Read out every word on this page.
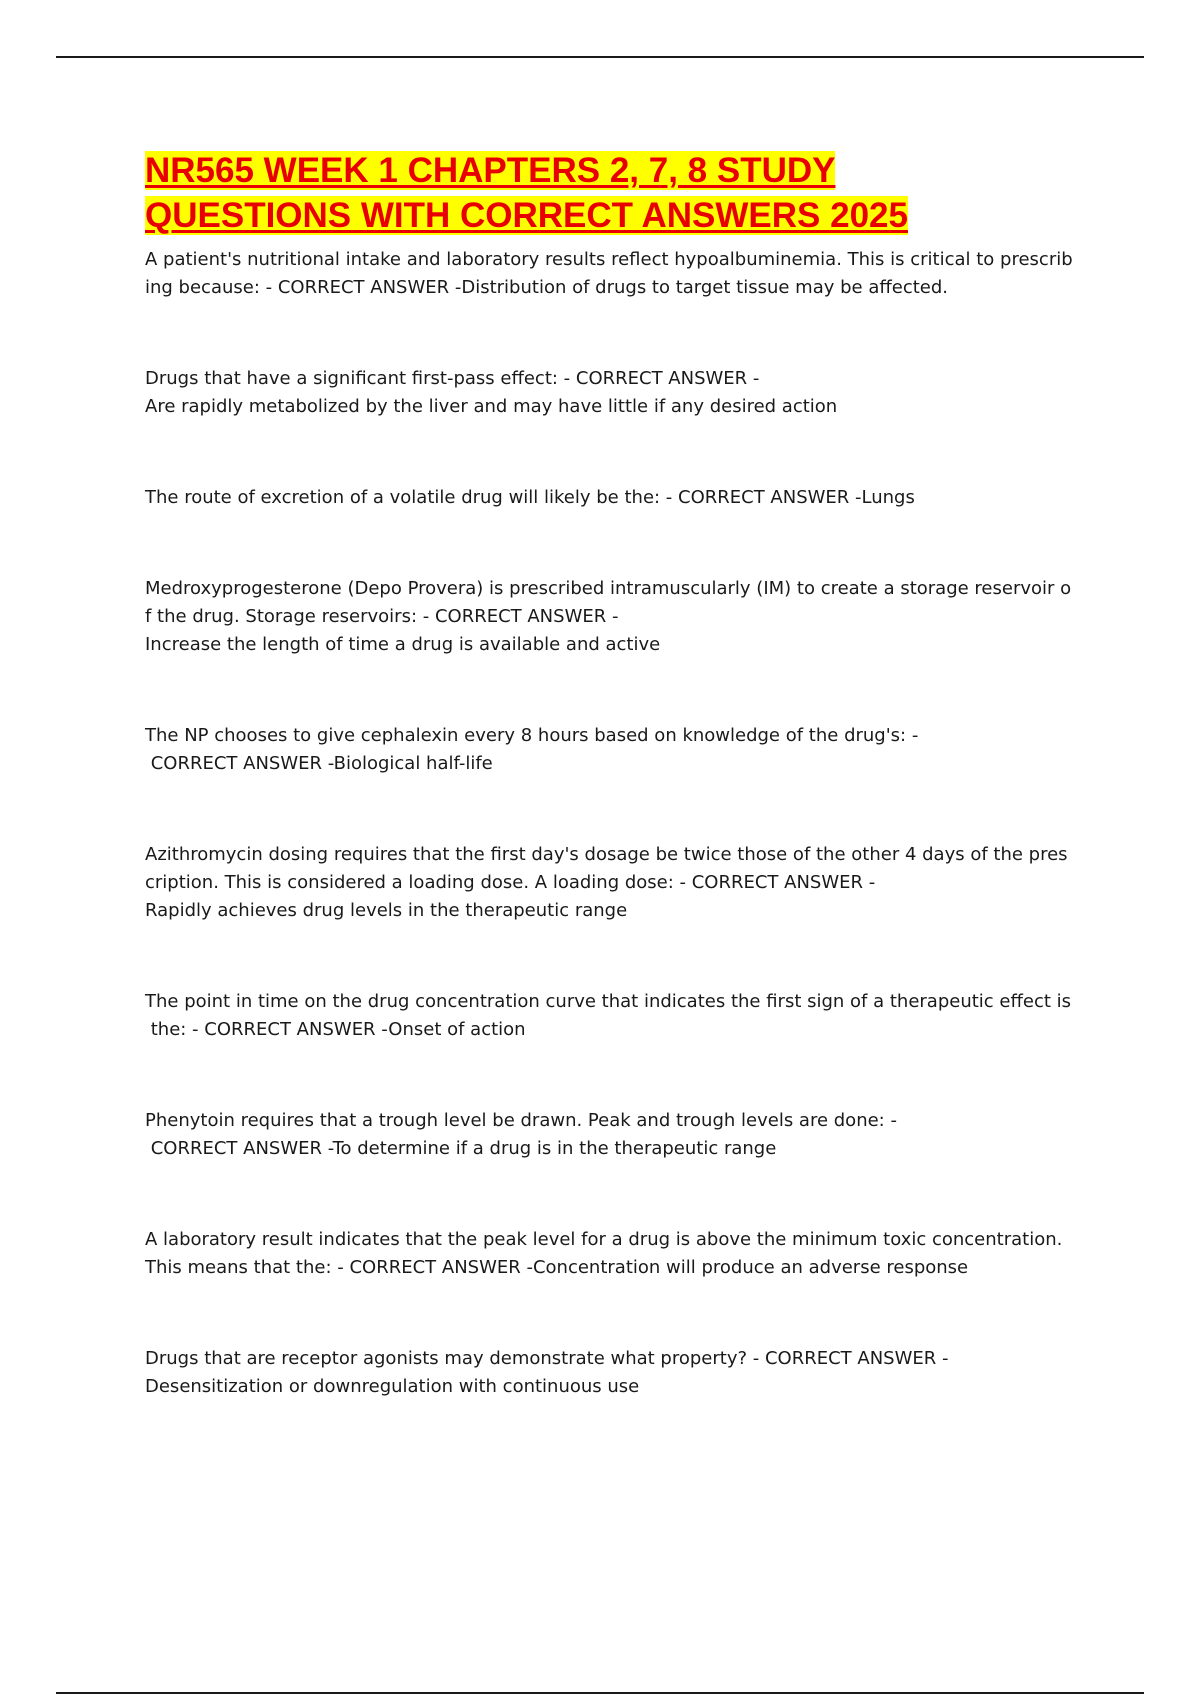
NR565 WEEK 1 CHAPTERS 2, 7, 8 STUDY
QUESTIONS WITH CORRECT ANSWERS 2025

A patient's nutritional intake and laboratory results reflect hypoalbuminemia. This is critical to prescrib
ing because: - CORRECT ANSWER -Distribution of drugs to target tissue may be affected.

Drugs that have a significant first-pass effect: - CORRECT ANSWER -
Are rapidly metabolized by the liver and may have little if any desired action

The route of excretion of a volatile drug will likely be the: - CORRECT ANSWER -Lungs

Medroxyprogesterone (Depo Provera) is prescribed intramuscularly (IM) to create a storage reservoir o
f the drug. Storage reservoirs: - CORRECT ANSWER -
Increase the length of time a drug is available and active

The NP chooses to give cephalexin every 8 hours based on knowledge of the drug's: -
CORRECT ANSWER -Biological half-life

Azithromycin dosing requires that the first day's dosage be twice those of the other 4 days of the pres
cription. This is considered a loading dose. A loading dose: - CORRECT ANSWER -
Rapidly achieves drug levels in the therapeutic range

The point in time on the drug concentration curve that indicates the first sign of a therapeutic effect is
the: - CORRECT ANSWER -Onset of action

Phenytoin requires that a trough level be drawn. Peak and trough levels are done: -
CORRECT ANSWER -To determine if a drug is in the therapeutic range

A laboratory result indicates that the peak level for a drug is above the minimum toxic concentration.
This means that the: - CORRECT ANSWER -Concentration will produce an adverse response

Drugs that are receptor agonists may demonstrate what property? - CORRECT ANSWER -
Desensitization or downregulation with continuous use
